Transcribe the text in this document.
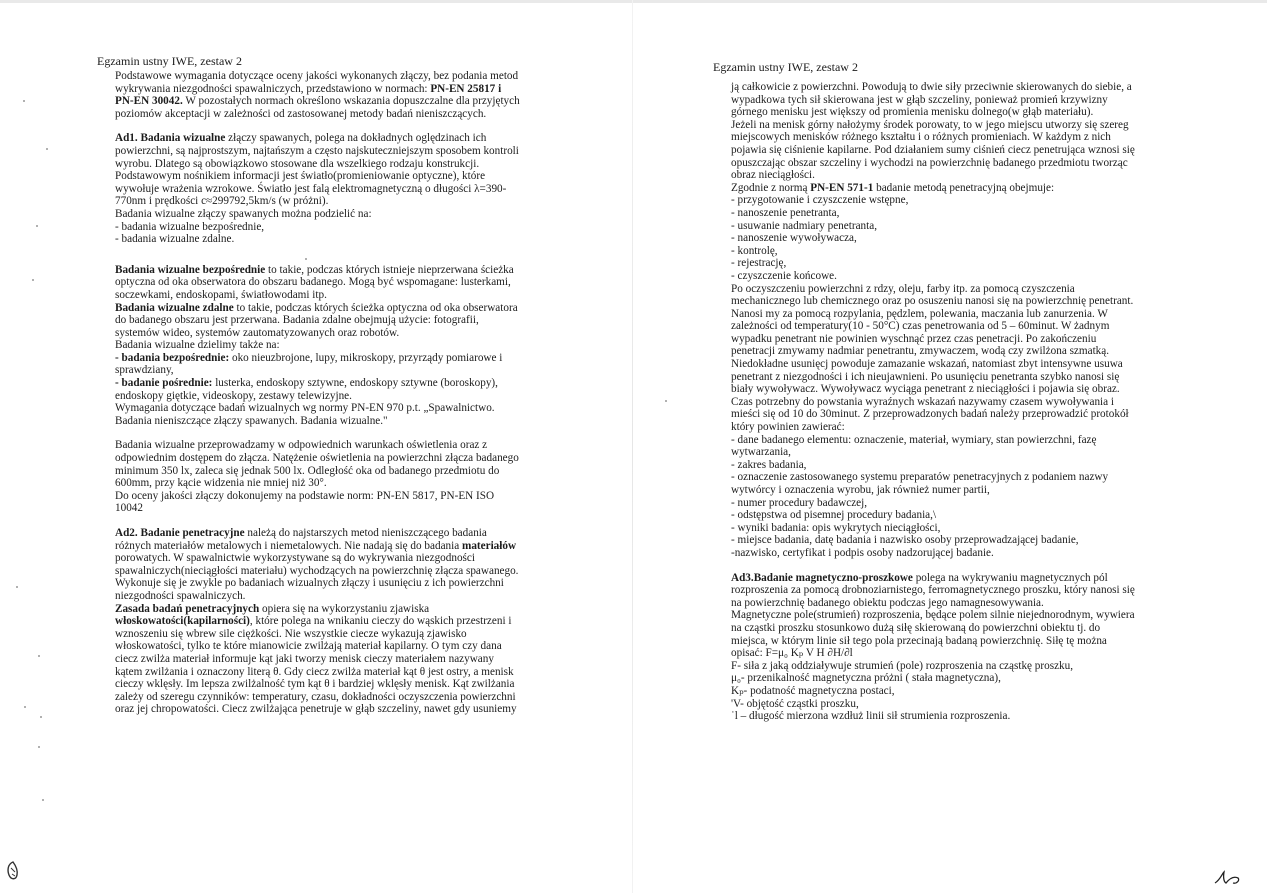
Egzamin ustny IWE, zestaw 2

Podstawowe wymagania dotyczące oceny jakości wykonanych złączy, bez podania metod

wykrywania niezgodności spawalniczych, przedstawiono w normach: PN-EN 25817 i

PN-EN 30042. W pozostałych normach określono wskazania dopuszczalne dla przyjętych

poziomów akceptacji w zależności od zastosowanej metody badań nieniszczących.

Ad1. Badania wizualne złączy spawanych, polega na dokładnych oględzinach ich

powierzchni, są najprostszym, najtańszym a często najskuteczniejszym sposobem kontroli

wyrobu. Dlatego są obowiązkowo stosowane dla wszelkiego rodzaju konstrukcji.

Podstawowym nośnikiem informacji jest światło(promieniowanie optyczne), które

wywołuje wrażenia wzrokowe. Światło jest falą elektromagnetyczną o długości λ=390-

770nm i prędkości c≈299792,5km/s (w próżni).

Badania wizualne złączy spawanych można podzielić na:

- badania wizualne bezpośrednie,

- badania wizualne zdalne.

Badania wizualne bezpośrednie to takie, podczas których istnieje nieprzerwana ścieżka

optyczna od oka obserwatora do obszaru badanego. Mogą być wspomagane: lusterkami,

soczewkami, endoskopami, światłowodami itp.

Badania wizualne zdalne to takie, podczas których ścieżka optyczna od oka obserwatora

do badanego obszaru jest przerwana. Badania zdalne obejmują użycie: fotografii,

systemów wideo, systemów zautomatyzowanych oraz robotów.

Badania wizualne dzielimy także na:

- badania bezpośrednie: oko nieuzbrojone, lupy, mikroskopy, przyrządy pomiarowe i

sprawdziany,

- badanie pośrednie: lusterka, endoskopy sztywne, endoskopy sztywne (boroskopy),

endoskopy giętkie, videoskopy, zestawy telewizyjne.

Wymagania dotyczące badań wizualnych wg normy PN-EN 970 p.t. „Spawalnictwo.

Badania nieniszczące złączy spawanych. Badania wizualne."

Badania wizualne przeprowadzamy w odpowiednich warunkach oświetlenia oraz z

odpowiednim dostępem do złącza. Natężenie oświetlenia na powierzchni złącza badanego

minimum 350 lx, zaleca się jednak 500 lx. Odległość oka od badanego przedmiotu do

600mm, przy kącie widzenia nie mniej niż 30°.

Do oceny jakości złączy dokonujemy na podstawie norm: PN-EN 5817, PN-EN ISO

10042

Ad2. Badanie penetracyjne należą do najstarszych metod nieniszczącego badania

różnych materiałów metalowych i niemetalowych. Nie nadają się do badania materiałów

porowatych. W spawalnictwie wykorzystywane są do wykrywania niezgodności

spawalniczych(nieciągłości materiału) wychodzących na powierzchnię złącza spawanego.

Wykonuje się je zwykle po badaniach wizualnych złączy i usunięciu z ich powierzchni

niezgodności spawalniczych.

Zasada badań penetracyjnych opiera się na wykorzystaniu zjawiska

włoskowatości(kapilarności), które polega na wnikaniu cieczy do wąskich przestrzeni i

wznoszeniu się wbrew sile ciężkości. Nie wszystkie ciecze wykazują zjawisko

włoskowatości, tylko te które mianowicie zwilżają materiał kapilarny. O tym czy dana

ciecz zwilża materiał informuje kąt jaki tworzy menisk cieczy materiałem nazywany

kątem zwilżania i oznaczony literą θ. Gdy ciecz zwilża materiał kąt θ jest ostry, a menisk

cieczy wklęsły. Im lepsza zwilżalność tym kąt θ i bardziej wklęsły menisk. Kąt zwilżania

zależy od szeregu czynników: temperatury, czasu, dokładności oczyszczenia powierzchni

oraz jej chropowatości. Ciecz zwilżająca penetruje w głąb szczeliny, nawet gdy usuniemy

Egzamin ustny IWE, zestaw 2

ją całkowicie z powierzchni. Powodują to dwie siły przeciwnie skierowanych do siebie, a

wypadkowa tych sił skierowana jest w głąb szczeliny, ponieważ promień krzywizny

górnego menisku jest większy od promienia menisku dolnego(w głąb materiału).

Jeżeli na menisk górny nałożymy środek porowaty, to w jego miejscu utworzy się szereg

miejscowych menisków różnego kształtu i o różnych promieniach. W każdym z nich

pojawia się ciśnienie kapilarne. Pod działaniem sumy ciśnień ciecz penetrująca wznosi się

opuszczając obszar szczeliny i wychodzi na powierzchnię badanego przedmiotu tworząc

obraz nieciągłości.

Zgodnie z normą PN-EN 571-1 badanie metodą penetracyjną obejmuje:

- przygotowanie i czyszczenie wstępne,

- nanoszenie penetranta,

- usuwanie nadmiary penetranta,

- nanoszenie wywoływacza,

- kontrolę,

- rejestrację,

- czyszczenie końcowe.

Po oczyszczeniu powierzchni z rdzy, oleju, farby itp. za pomocą czyszczenia

mechanicznego lub chemicznego oraz po osuszeniu nanosi się na powierzchnię penetrant.

Nanosi my za pomocą rozpylania, pędzlem, polewania, maczania lub zanurzenia. W

zależności od temperatury(10 - 50°C) czas penetrowania od 5 – 60minut. W żadnym

wypadku penetrant nie powinien wyschnąć przez czas penetracji. Po zakończeniu

penetracji zmywamy nadmiar penetrantu, zmywaczem, wodą czy zwilżona szmatką.

Niedokładne usunięcj powoduje zamazanie wskazań, natomiast zbyt intensywne usuwa

penetrant z niezgodności i ich nieujawnieni. Po usunięciu penetranta szybko nanosi się

biały wywoływacz. Wywoływacz wyciąga penetrant z nieciągłości i pojawia się obraz.

Czas potrzebny do powstania wyraźnych wskazań nazywamy czasem wywoływania i

mieści się od 10 do 30minut. Z przeprowadzonych badań należy przeprowadzić protokół

który powinien zawierać:

- dane badanego elementu: oznaczenie, materiał, wymiary, stan powierzchni, fazę

wytwarzania,

- zakres badania,

- oznaczenie zastosowanego systemu preparatów penetracyjnych z podaniem nazwy

wytwórcy i oznaczenia wyrobu, jak również numer partii,

- numer procedury badawczej,

- odstępstwa od pisemnej procedury badania,\

- wyniki badania: opis wykrytych nieciągłości,

- miejsce badania, datę badania i nazwisko osoby przeprowadzającej badanie,

-nazwisko, certyfikat i podpis osoby nadzorującej badanie.

Ad3.Badanie magnetyczno-proszkowe polega na wykrywaniu magnetycznych pól

rozproszenia za pomocą drobnoziarnistego, ferromagnetycznego proszku, który nanosi się

na powierzchnię badanego obiektu podczas jego namagnesowywania.

Magnetyczne pole(strumień) rozproszenia, będące polem silnie niejednorodnym, wywiera

na cząstki proszku stosunkowo dużą siłę skierowaną do powierzchni obiektu tj. do

miejsca, w którym linie sił tego pola przecinają badaną powierzchnię. Siłę tę można

opisać: F=μ₀ Kₚ V H ∂H/∂l

F- siła z jaką oddziaływuje strumień (pole) rozproszenia na cząstkę proszku,

μ₀- przenikalność magnetyczna próżni ( stała magnetyczna),

Kₚ- podatność magnetyczna postaci,

'V- objętość cząstki proszku,

˙l – długość mierzona wzdłuż linii sił strumienia rozproszenia.
